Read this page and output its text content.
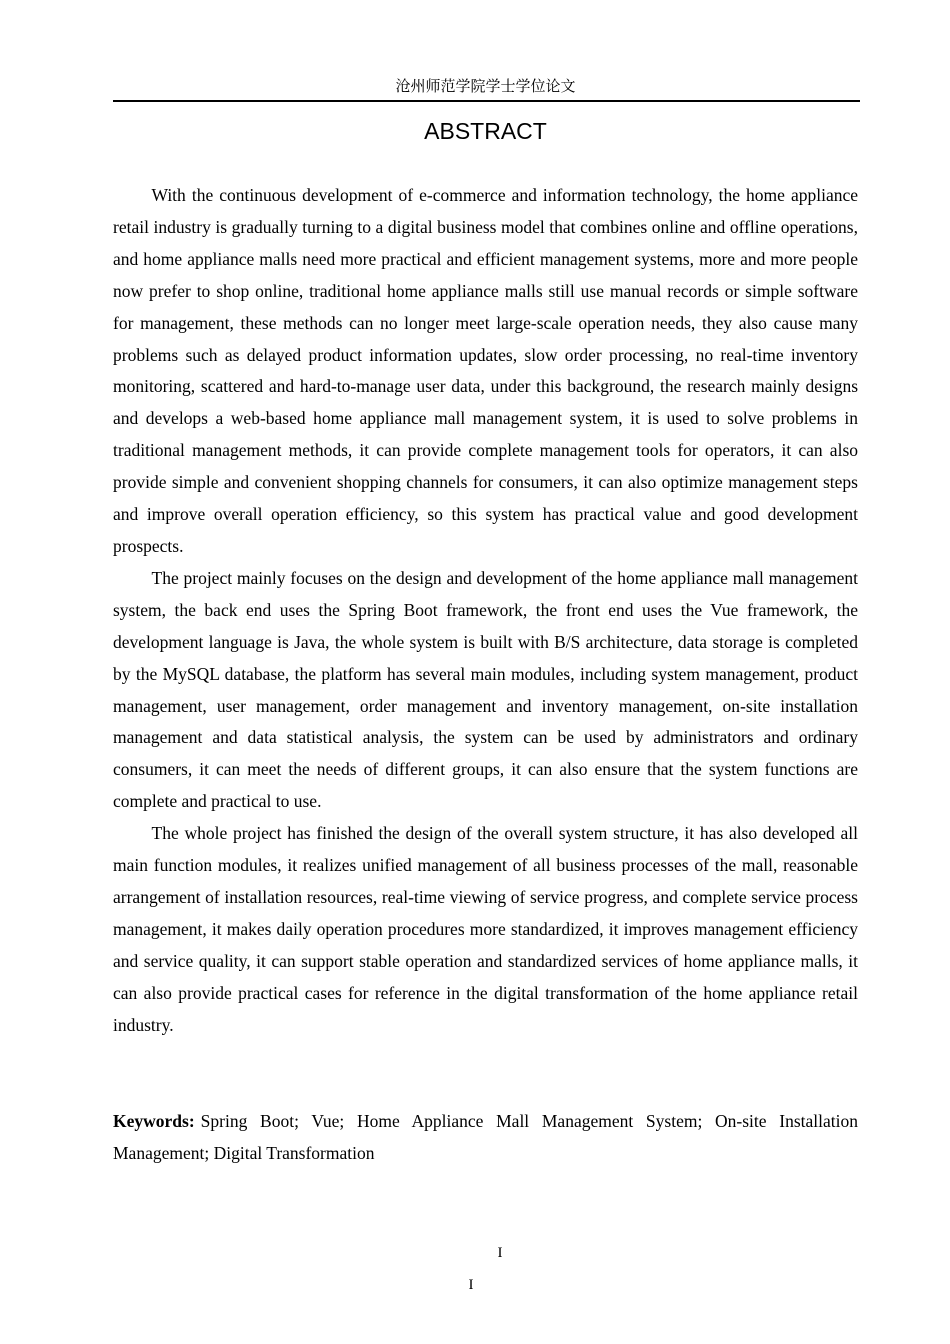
沧州师范学院学士学位论文
ABSTRACT

With the continuous development of e-commerce and information technology, the home appliance retail industry is gradually turning to a digital business model that combines online and offline operations, and home appliance malls need more practical and efficient management systems, more and more people now prefer to shop online, traditional home appliance malls still use manual records or simple software for management, these methods can no longer meet large-scale operation needs, they also cause many problems such as delayed product information updates, slow order processing, no real-time inventory monitoring, scattered and hard-to-manage user data, under this background, the research mainly designs and develops a web-based home appliance mall management system, it is used to solve problems in traditional management methods, it can provide complete management tools for operators, it can also provide simple and convenient shopping channels for consumers, it can also optimize management steps and improve overall operation efficiency, so this system has practical value and good development prospects.

The project mainly focuses on the design and development of the home appliance mall management system, the back end uses the Spring Boot framework, the front end uses the Vue framework, the development language is Java, the whole system is built with B/S architecture, data storage is completed by the MySQL database, the platform has several main modules, including system management, product management, user management, order management and inventory management, on-site installation management and data statistical analysis, the system can be used by administrators and ordinary consumers, it can meet the needs of different groups, it can also ensure that the system functions are complete and practical to use.

The whole project has finished the design of the overall system structure, it has also developed all main function modules, it realizes unified management of all business processes of the mall, reasonable arrangement of installation resources, real-time viewing of service progress, and complete service process management, it makes daily operation procedures more standardized, it improves management efficiency and service quality, it can support stable operation and standardized services of home appliance malls, it can also provide practical cases for reference in the digital transformation of the home appliance retail industry.

Keywords: Spring Boot; Vue; Home Appliance Mall Management System; On-site Installation Management; Digital Transformation
I
I
